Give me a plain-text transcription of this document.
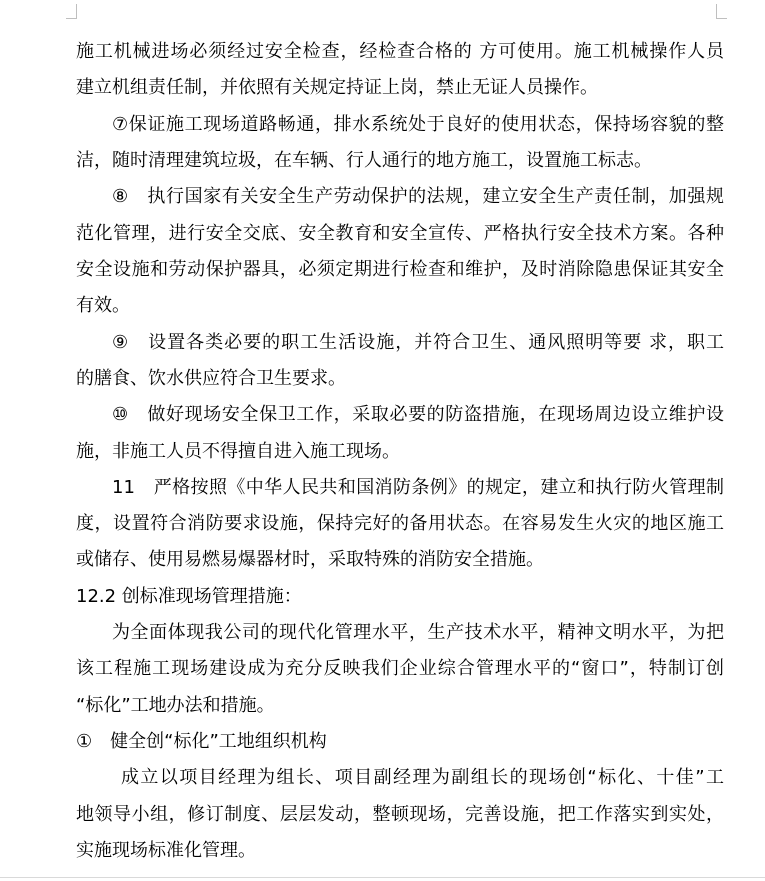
施工机械进场必须经过安全检查，经检查合格的 方可使用。施工机械操作人员
建立机组责任制，并依照有关规定持证上岗，禁止无证人员操作。
⑦保证施工现场道路畅通，排水系统处于良好的使用状态，保持场容貌的整
洁，随时清理建筑垃圾，在车辆、行人通行的地方施工，设置施工标志。
⑧　执行国家有关安全生产劳动保护的法规，建立安全生产责任制，加强规
范化管理，进行安全交底、安全教育和安全宣传、严格执行安全技术方案。各种
安全设施和劳动保护器具，必须定期进行检查和维护，及时消除隐患保证其安全
有效。
⑨　设置各类必要的职工生活设施，并符合卫生、通风照明等要 求，职工
的膳食、饮水供应符合卫生要求。
⑩　做好现场安全保卫工作，采取必要的防盗措施，在现场周边设立维护设
施，非施工人员不得擅自进入施工现场。
11　严格按照《中华人民共和国消防条例》的规定，建立和执行防火管理制
度，设置符合消防要求设施，保持完好的备用状态。在容易发生火灾的地区施工
或储存、使用易燃易爆器材时，采取特殊的消防安全措施。
12.2 创标准现场管理措施：
为全面体现我公司的现代化管理水平，生产技术水平，精神文明水平，为把
该工程施工现场建设成为充分反映我们企业综合管理水平的“窗口”，特制订创
“标化”工地办法和措施。
①　健全创“标化”工地组织机构
成立以项目经理为组长、项目副经理为副组长的现场创“标化、十佳”工
地领导小组，修订制度、层层发动，整顿现场，完善设施，把工作落实到实处，
实施现场标准化管理。
